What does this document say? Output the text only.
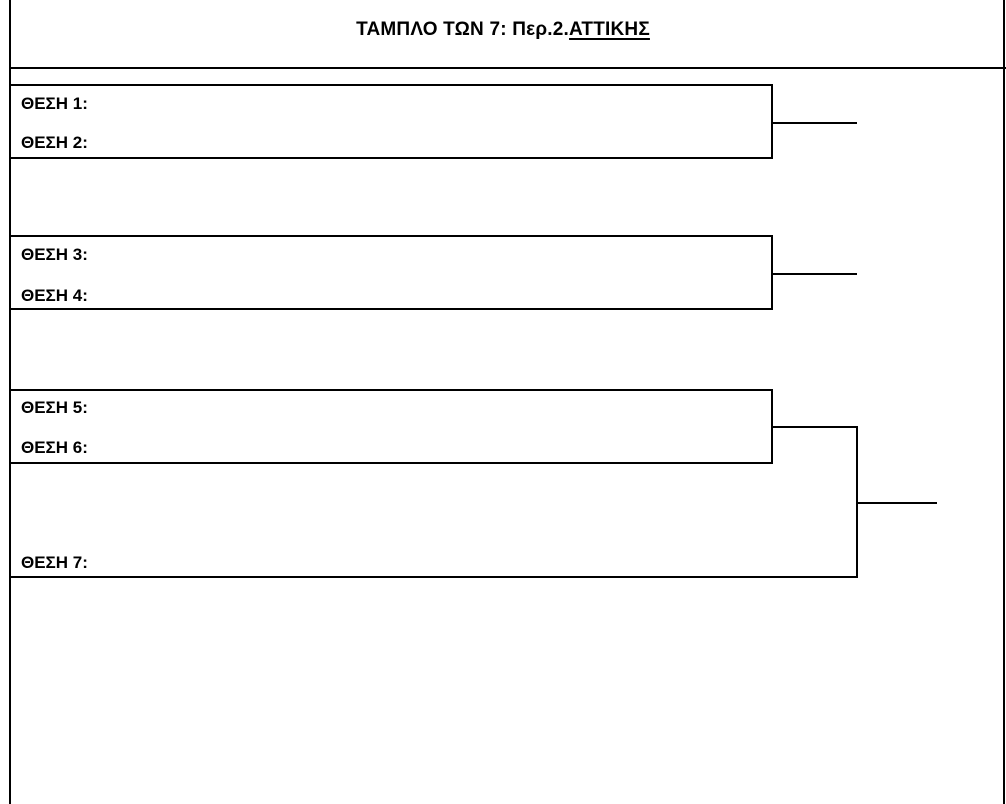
ΤΑΜΠΛΟ ΤΩΝ 7: Περ.2.ΑΤΤΙΚΗΣ
ΘΕΣΗ 1:
ΘΕΣΗ 2:
ΘΕΣΗ 3:
ΘΕΣΗ 4:
ΘΕΣΗ 5:
ΘΕΣΗ 6:
ΘΕΣΗ 7:
